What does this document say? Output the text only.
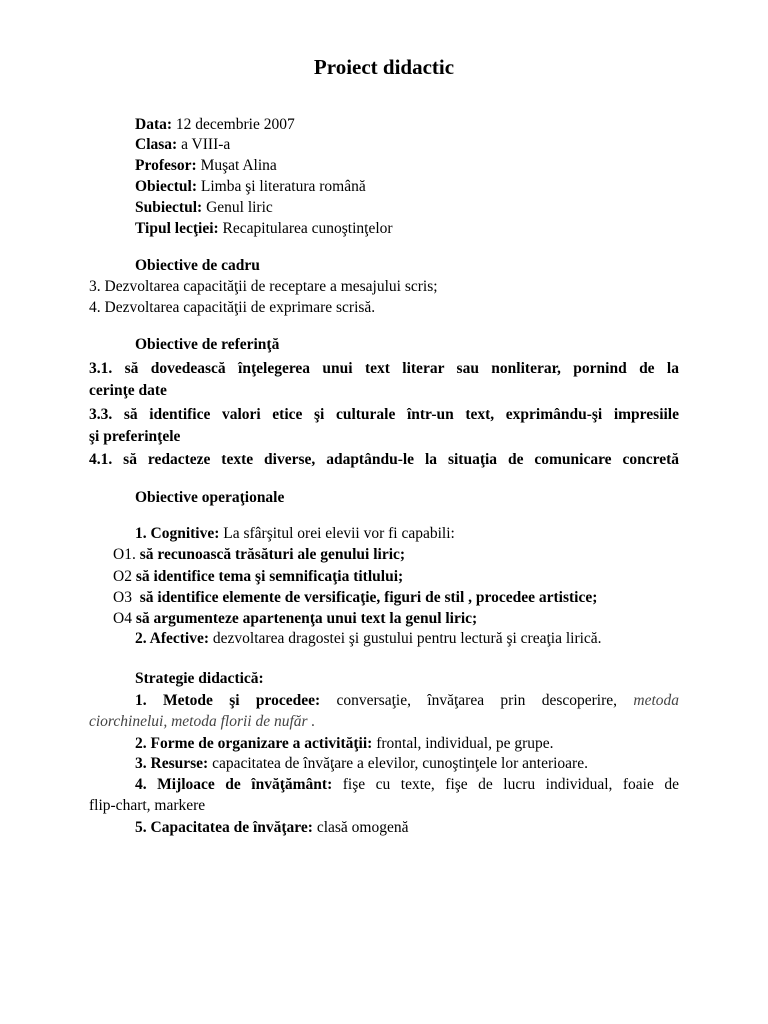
Proiect didactic
Data: 12 decembrie 2007
Clasa: a VIII-a
Profesor: Muşat Alina
Obiectul: Limba şi literatura română
Subiectul: Genul liric
Tipul lecţiei: Recapitularea cunoştinţelor
Obiective de cadru
3. Dezvoltarea capacităţii de receptare a mesajului scris;
4. Dezvoltarea capacităţii de exprimare scrisă.
Obiective de referinţă
3.1. să dovedească înţelegerea unui text literar sau nonliterar, pornind de la
cerinţe date
3.3. să identifice valori etice şi culturale într-un text, exprimându-şi impresiile
şi preferinţele
4.1. să redacteze texte diverse, adaptându-le la situaţia de comunicare concretă
Obiective operaţionale
1. Cognitive: La sfârşitul orei elevii vor fi capabili:
O1. să recunoască trăsături ale genului liric;
O2 să identifice tema şi semnificaţia titlului;
O3 să identifice elemente de versificaţie, figuri de stil , procedee artistice;
O4 să argumenteze apartenenţa unui text la genul liric;
2. Afective: dezvoltarea dragostei şi gustului pentru lectură şi creaţia lirică.
Strategie didactică:
1. Metode şi procedee: conversaţie, învăţarea prin descoperire, metoda
ciorchinelui, metoda florii de nufăr .
2. Forme de organizare a activităţii: frontal, individual, pe grupe.
3. Resurse: capacitatea de învăţare a elevilor, cunoştinţele lor anterioare.
4. Mijloace de învăţământ: fişe cu texte, fişe de lucru individual, foaie de
flip-chart, markere
5. Capacitatea de învăţare: clasă omogenă
